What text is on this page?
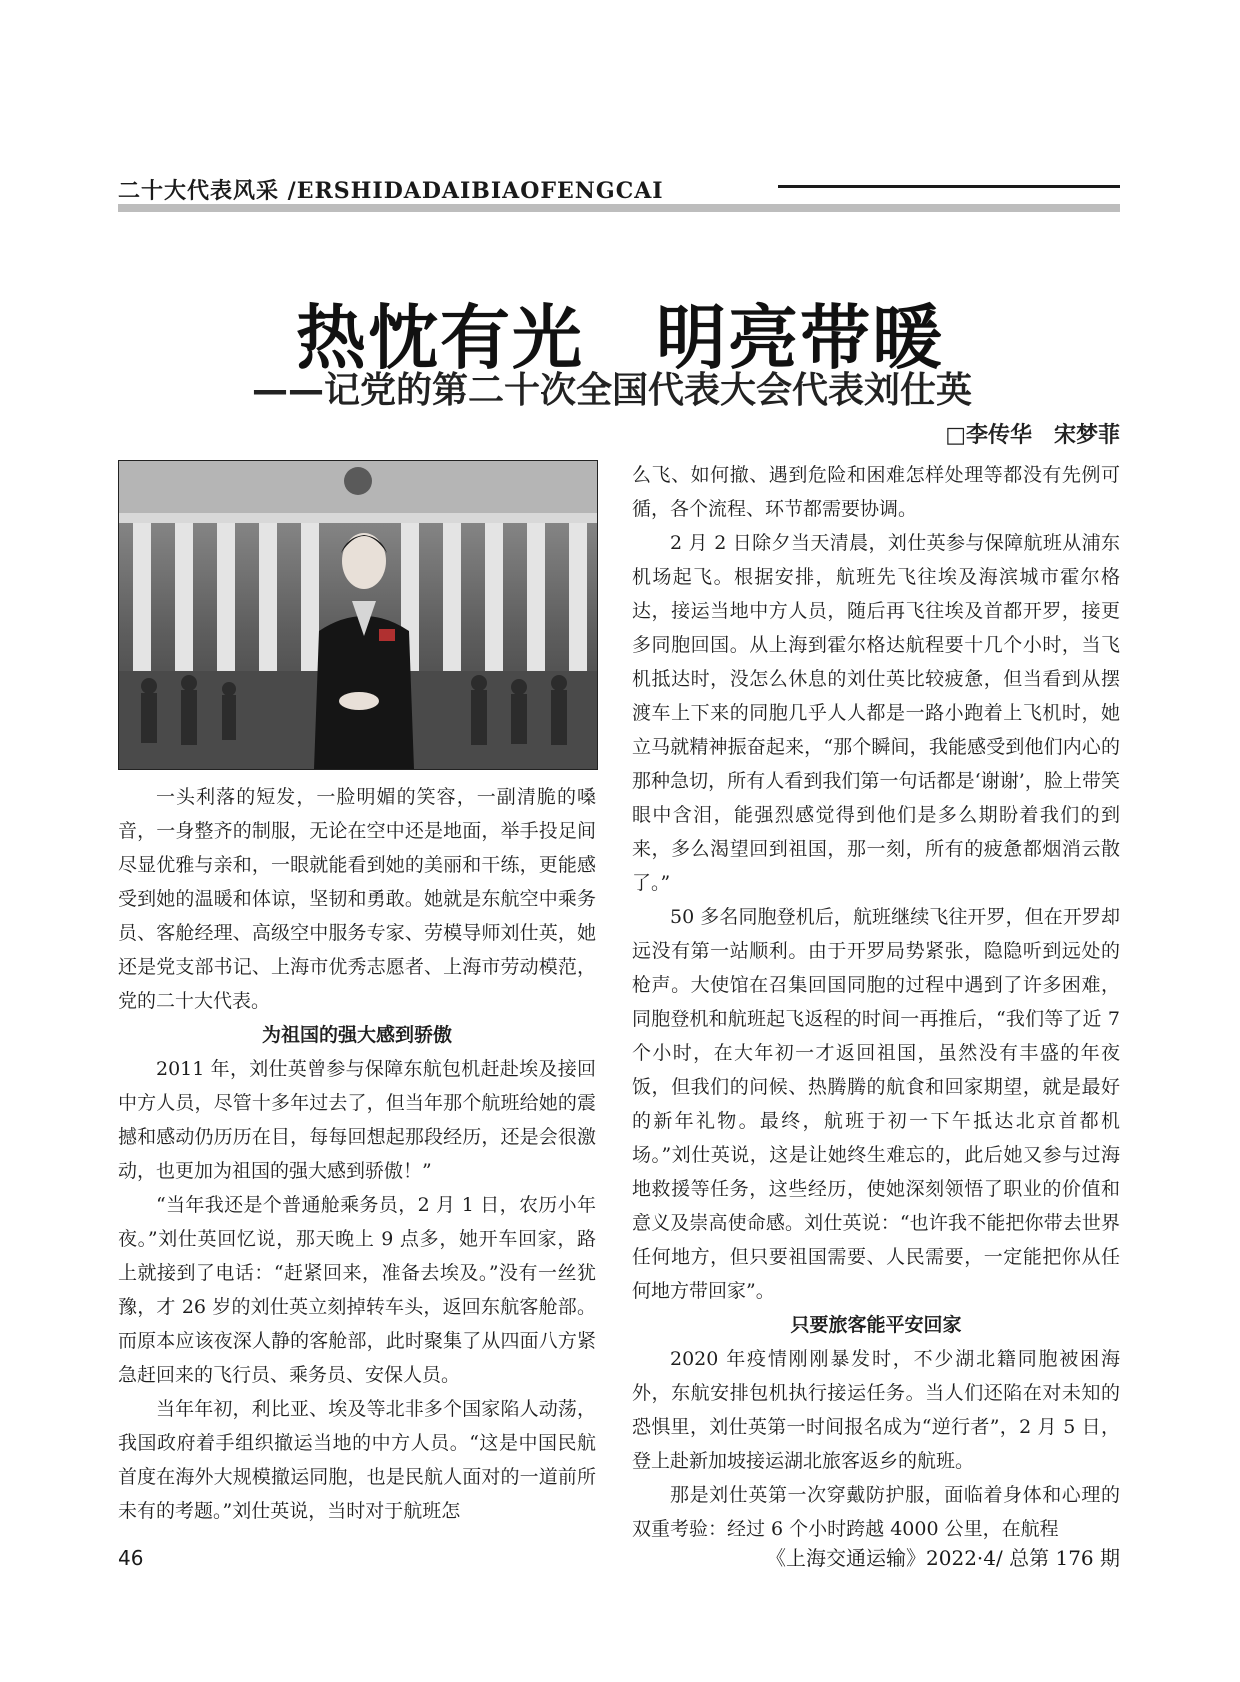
二十大代表风采 /ERSHIDADAIBIAOFENGCAI
热忱有光　明亮带暖
——记党的第二十次全国代表大会代表刘仕英
□李传华　宋梦菲

一头利落的短发，一脸明媚的笑容，一副清脆的嗓音，一身整齐的制服，无论在空中还是地面，举手投足间尽显优雅与亲和，一眼就能看到她的美丽和干练，更能感受到她的温暖和体谅，坚韧和勇敢。她就是东航空中乘务员、客舱经理、高级空中服务专家、劳模导师刘仕英，她还是党支部书记、上海市优秀志愿者、上海市劳动模范，党的二十大代表。

为祖国的强大感到骄傲

2011 年，刘仕英曾参与保障东航包机赶赴埃及接回中方人员，尽管十多年过去了，但当年那个航班给她的震撼和感动仍历历在目，每每回想起那段经历，还是会很激动，也更加为祖国的强大感到骄傲！”

“当年我还是个普通舱乘务员，2 月 1 日，农历小年夜。”刘仕英回忆说，那天晚上 9 点多，她开车回家，路上就接到了电话：“赶紧回来，准备去埃及。”没有一丝犹豫，才 26 岁的刘仕英立刻掉转车头，返回东航客舱部。而原本应该夜深人静的客舱部，此时聚集了从四面八方紧急赶回来的飞行员、乘务员、安保人员。

当年年初，利比亚、埃及等北非多个国家陷人动荡，我国政府着手组织撤运当地的中方人员。“这是中国民航首度在海外大规模撤运同胞，也是民航人面对的一道前所未有的考题。”刘仕英说，当时对于航班怎

么飞、如何撤、遇到危险和困难怎样处理等都没有先例可循，各个流程、环节都需要协调。

2 月 2 日除夕当天清晨，刘仕英参与保障航班从浦东机场起飞。根据安排，航班先飞往埃及海滨城市霍尔格达，接运当地中方人员，随后再飞往埃及首都开罗，接更多同胞回国。从上海到霍尔格达航程要十几个小时，当飞机抵达时，没怎么休息的刘仕英比较疲惫，但当看到从摆渡车上下来的同胞几乎人人都是一路小跑着上飞机时，她立马就精神振奋起来，“那个瞬间，我能感受到他们内心的那种急切，所有人看到我们第一句话都是‘谢谢’，脸上带笑眼中含泪，能强烈感觉得到他们是多么期盼着我们的到来，多么渴望回到祖国，那一刻，所有的疲惫都烟消云散了。”

50 多名同胞登机后，航班继续飞往开罗，但在开罗却远没有第一站顺利。由于开罗局势紧张，隐隐听到远处的枪声。大使馆在召集回国同胞的过程中遇到了许多困难，同胞登机和航班起飞返程的时间一再推后，“我们等了近 7 个小时，在大年初一才返回祖国，虽然没有丰盛的年夜饭，但我们的问候、热腾腾的航食和回家期望，就是最好的新年礼物。最终，航班于初一下午抵达北京首都机场。”刘仕英说，这是让她终生难忘的，此后她又参与过海地救援等任务，这些经历，使她深刻领悟了职业的价值和意义及崇高使命感。刘仕英说：“也许我不能把你带去世界任何地方，但只要祖国需要、人民需要，一定能把你从任何地方带回家”。

只要旅客能平安回家

2020 年疫情刚刚暴发时，不少湖北籍同胞被困海外，东航安排包机执行接运任务。当人们还陷在对未知的恐惧里，刘仕英第一时间报名成为“逆行者”，2 月 5 日，登上赴新加坡接运湖北旅客返乡的航班。

那是刘仕英第一次穿戴防护服，面临着身体和心理的双重考验：经过 6 个小时跨越 4000 公里，在航程

46	《上海交通运输》2022·4/ 总第 176 期
